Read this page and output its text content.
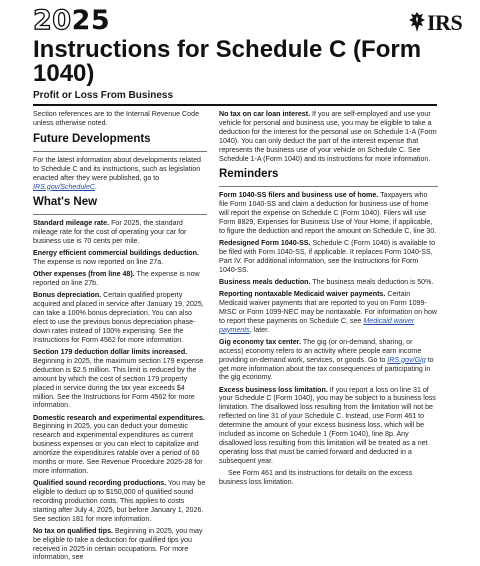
2025	IRS
Instructions for Schedule C (Form 1040)
Profit or Loss From Business

Section references are to the Internal Revenue Code unless otherwise noted.

Future Developments

For the latest information about developments related to Schedule C and its instructions, such as legislation enacted after they were published, go to IRS.gov/ScheduleC.

What's New

Standard mileage rate. For 2025, the standard mileage rate for the cost of operating your car for business use is 70 cents per mile.

Energy efficient commercial buildings deduction. The expense is now reported on line 27a.

Other expenses (from line 48). The expense is now reported on line 27b.

Bonus depreciation. Certain qualified property acquired and placed in service after January 19, 2025, can take a 100% bonus depreciation. You can also elect to use the previous bonus depreciation phase-down rates instead of 100% expensing. See the Instructions for Form 4562 for more information.

Section 179 deduction dollar limits increased. Beginning in 2025, the maximum section 179 expense deduction is $2.5 million. This limit is reduced by the amount by which the cost of section 179 property placed in service during the tax year exceeds $4 million. See the Instructions for Form 4562 for more information.

Domestic research and experimental expenditures. Beginning in 2025, you can deduct your domestic research and experimental expenditures as current business expenses or you can elect to capitalize and amortize the expenditures ratable over a period of 60 months or more. See Revenue Procedure 2025-28 for more information.

Qualified sound recording productions. You may be eligible to deduct up to $150,000 of qualified sound recording production costs. This applies to costs starting after July 4, 2025, but before January 1, 2026. See section 181 for more information.

No tax on qualified tips. Beginning in 2025, you may be eligible to take a deduction for qualified tips you received in 2025 in certain occupations. For more information, see

No tax on car loan interest. If you are self-employed and use your vehicle for personal and business use, you may be eligible to take a deduction for the interest for the personal use on Schedule 1-A (Form 1040). You can only deduct the part of the interest expense that represents the business use of your vehicle on Schedule C. See Schedule 1-A (Form 1040) and its instructions for more information.

Reminders

Form 1040-SS filers and business use of home. Taxpayers who file Form 1040-SS and claim a deduction for business use of home will report the expense on Schedule C (Form 1040). Filers will use Form 8829, Expenses for Business Use of Your Home, if applicable, to figure the deduction and report the amount on Schedule C, line 30.

Redesigned Form 1040-SS. Schedule C (Form 1040) is available to be filed with Form 1040-SS, if applicable. It replaces Form 1040-SS, Part IV. For additional information, see the Instructions for Form 1040-SS.

Business meals deduction. The business meals deduction is 50%.

Reporting nontaxable Medicaid waiver payments. Certain Medicaid waiver payments that are reported to you on Form 1099-MISC or Form 1099-NEC may be nontaxable. For information on how to report these payments on Schedule C, see Medicaid waiver payments, later.

Gig economy tax center. The gig (or on-demand, sharing, or access) economy refers to an activity where people earn income providing on-demand work, services, or goods. Go to IRS.gov/Gig to get more information about the tax consequences of participating in the gig economy.

Excess business loss limitation. If you report a loss on line 31 of your Schedule C (Form 1040), you may be subject to a business loss limitation. The disallowed loss resulting from the limitation will not be reflected on line 31 of your Schedule C. Instead, use Form 461 to determine the amount of your excess business loss, which will be included as income on Schedule 1 (Form 1040), line 8p. Any disallowed loss resulting from this limitation will be treated as a net operating loss that must be carried forward and deducted in a subsequent year.

See Form 461 and its instructions for details on the excess business loss limitation.
